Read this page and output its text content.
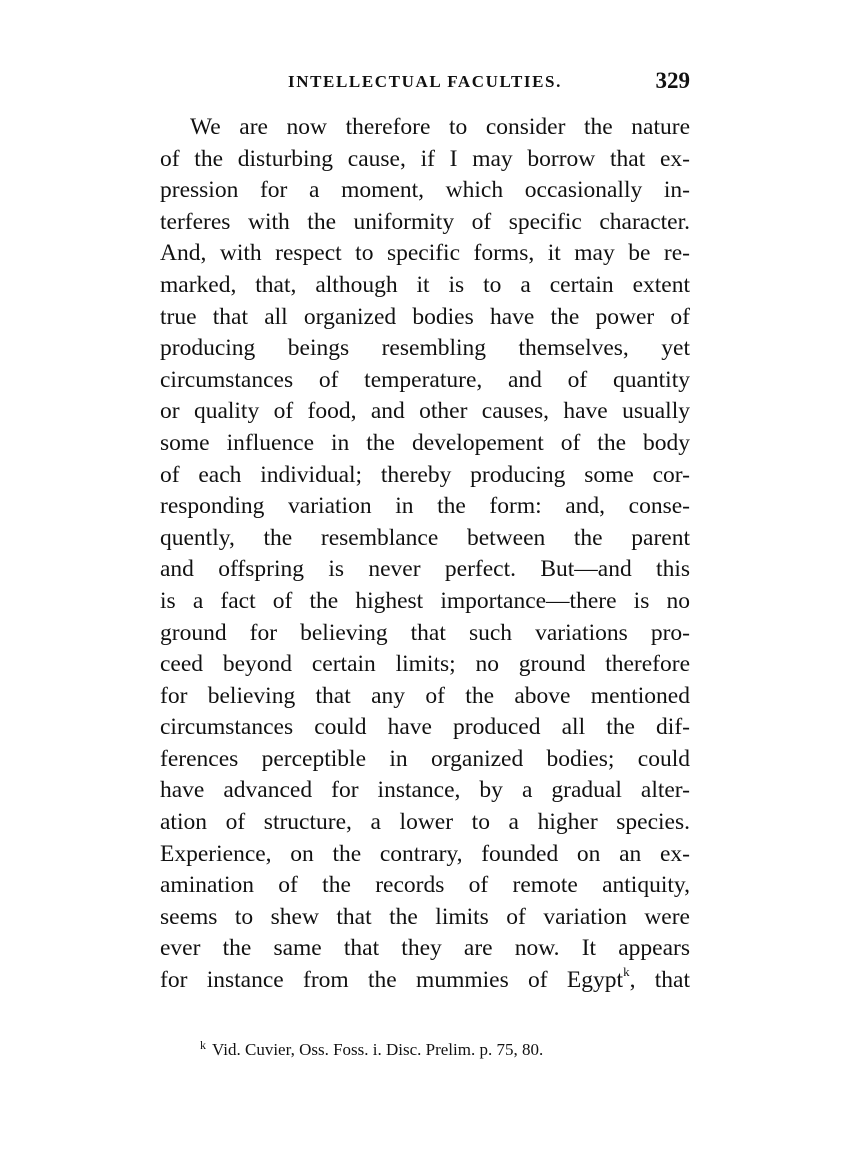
INTELLECTUAL FACULTIES.	329
We are now therefore to consider the nature
of the disturbing cause, if I may borrow that ex-
pression for a moment, which occasionally in-
terferes with the uniformity of specific character.
And, with respect to specific forms, it may be re-
marked, that, although it is to a certain extent
true that all organized bodies have the power of
producing beings resembling themselves, yet
circumstances of temperature, and of quantity
or quality of food, and other causes, have usually
some influence in the developement of the body
of each individual; thereby producing some cor-
responding variation in the form: and, conse-
quently, the resemblance between the parent
and offspring is never perfect. But—and this
is a fact of the highest importance—there is no
ground for believing that such variations pro-
ceed beyond certain limits; no ground therefore
for believing that any of the above mentioned
circumstances could have produced all the dif-
ferences perceptible in organized bodies; could
have advanced for instance, by a gradual alter-
ation of structure, a lower to a higher species.
Experience, on the contrary, founded on an ex-
amination of the records of remote antiquity,
seems to shew that the limits of variation were
ever the same that they are now. It appears
for instance from the mummies of Egypt$^k$, that
$^k$ Vid. Cuvier, Oss. Foss. i. Disc. Prelim. p. 75, 80.
